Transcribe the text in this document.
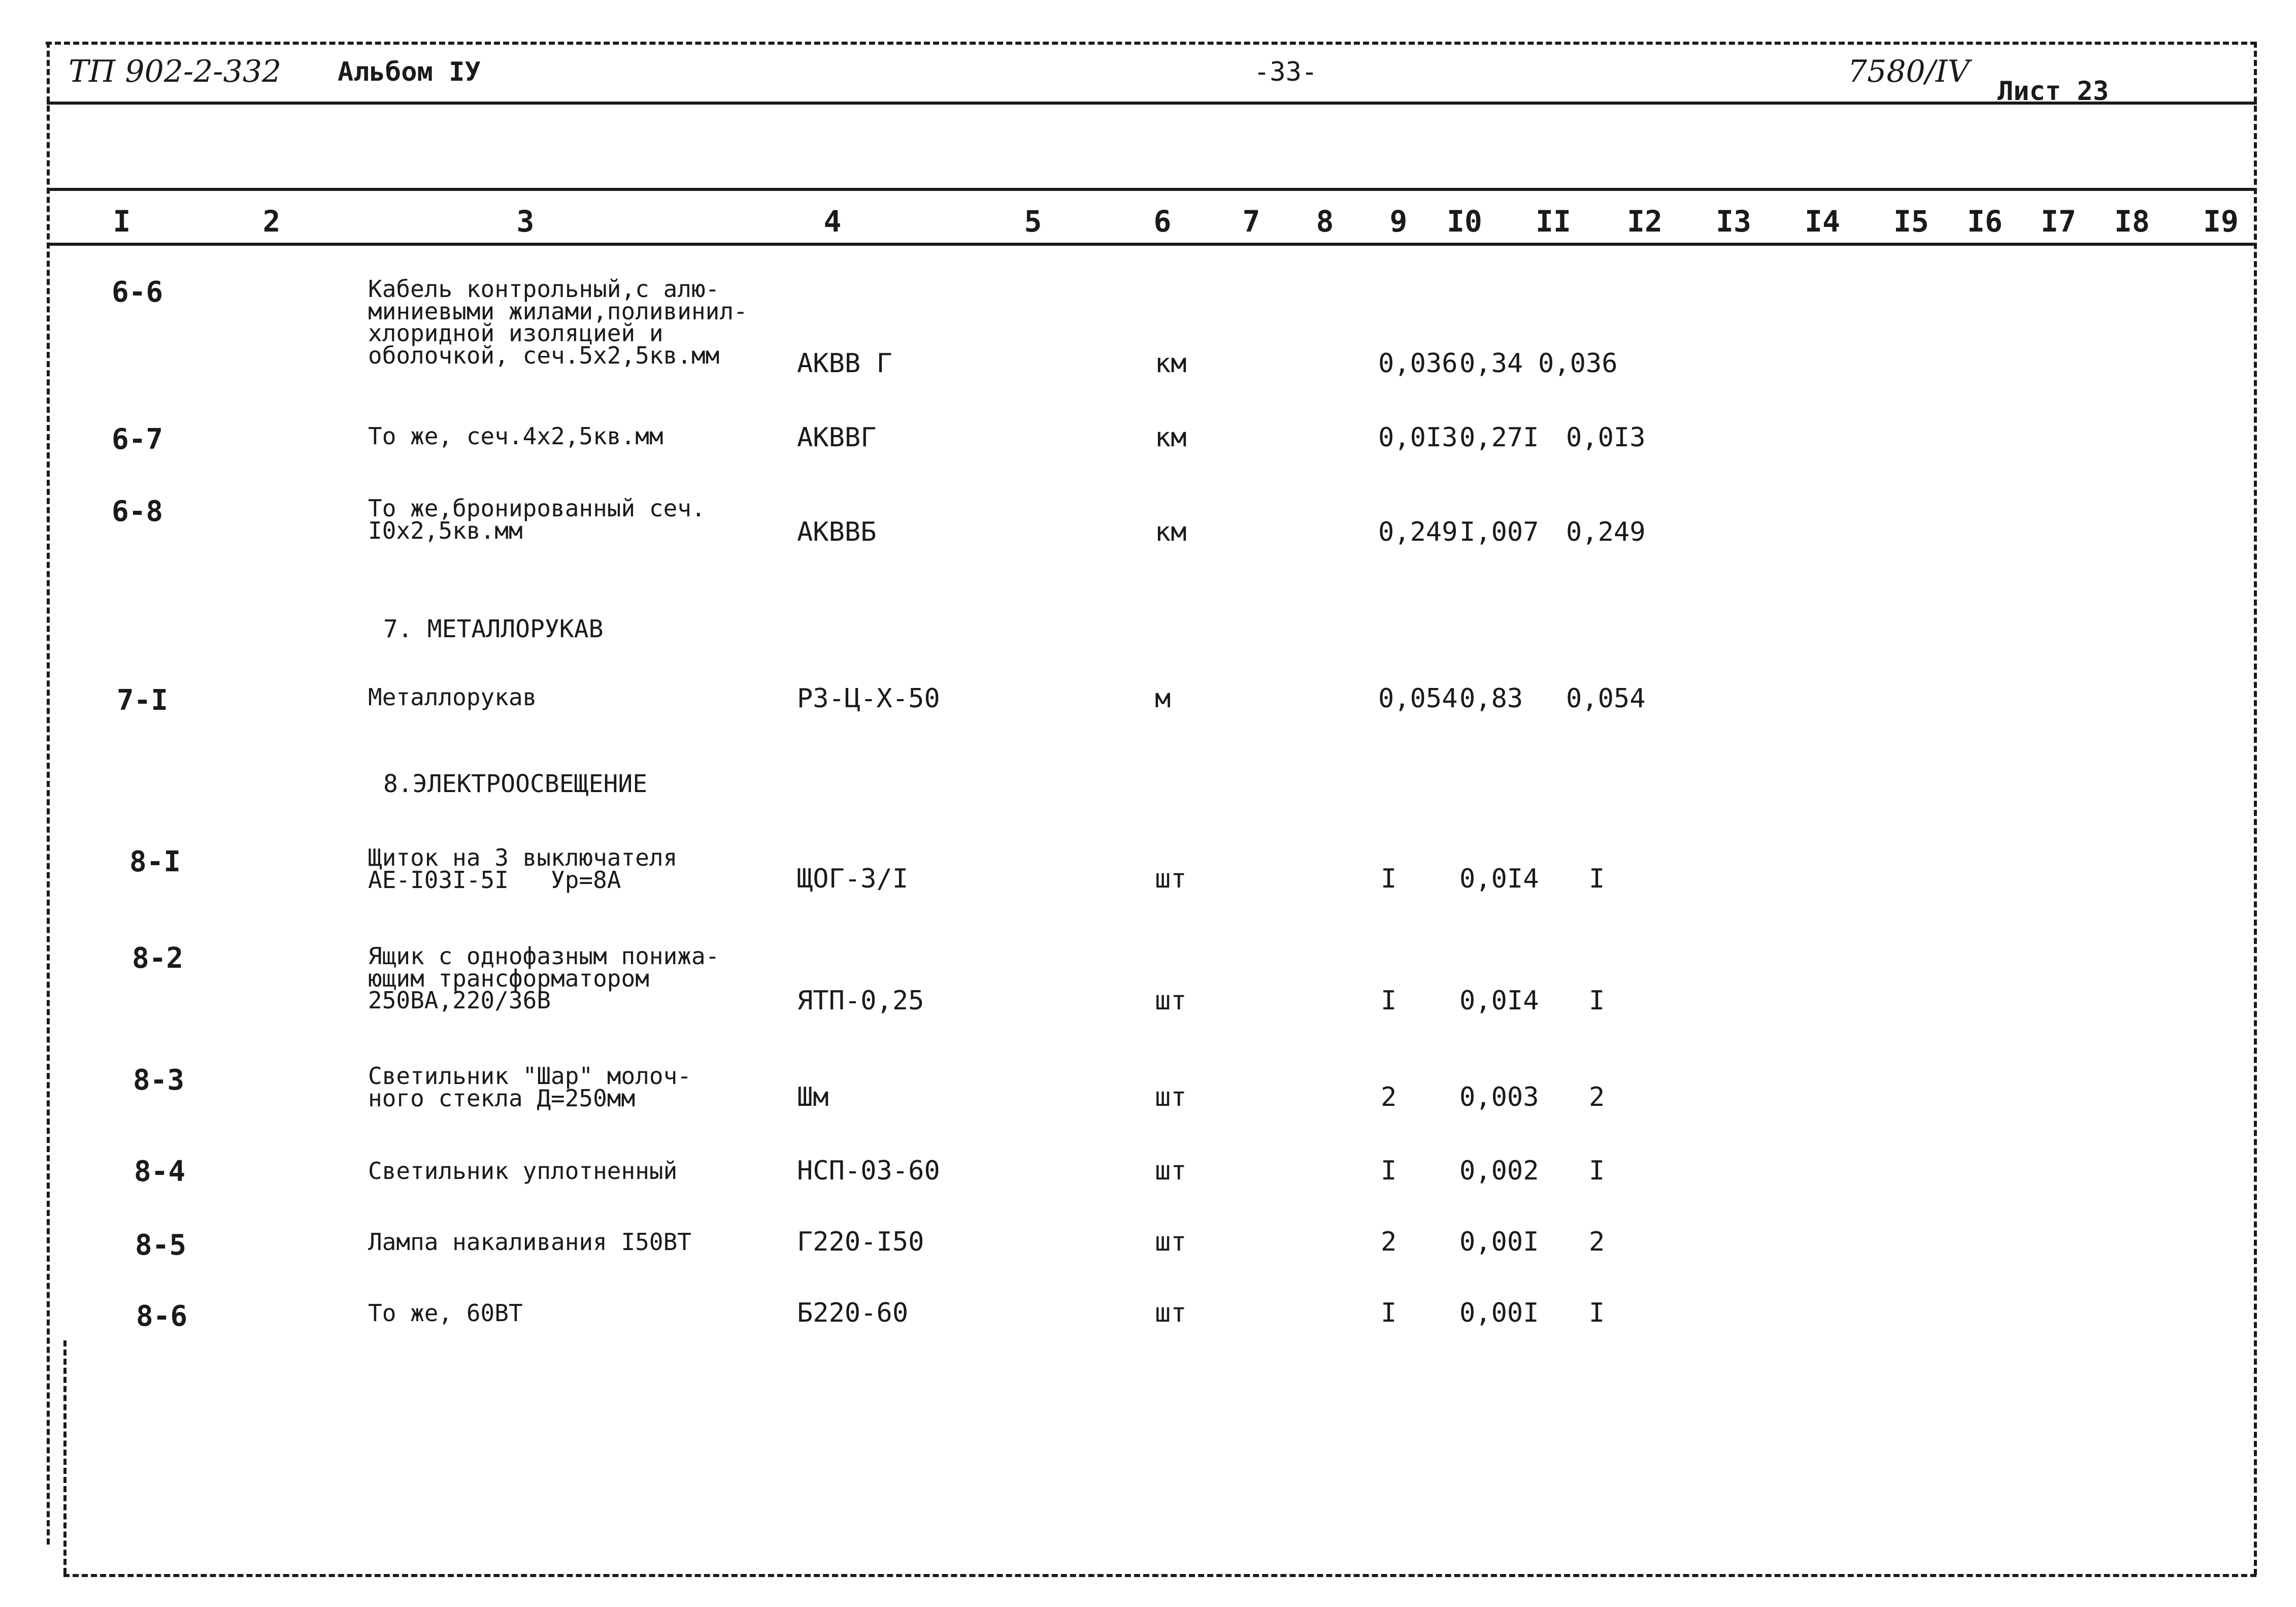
ТП 902-2-332 Альбом IУ	-33-	7580/IV
Лист 23
I	2	3	4	5	6 7 8 9 I0 II I2 I3 I4 I5 I6 I7 I8 I9
6-6	Кабель контрольный,с алю-
миниевыми жилами,поливинил-
хлоридной изоляцией и
оболочкой, сеч.5х2,5кв.мм	АКВВ Г	км	0,036 0,34 0,036
6-7	То же, сеч.4х2,5кв.мм	АКВВГ	км	0,0I3 0,27I 0,0I3
6-8	То же,бронированный сеч.
I0х2,5кв.мм	АКВВБ	км	0,249 I,007 0,249
7. МЕТАЛЛОРУКАВ
7-I	Металлорукав	РЗ-Ц-Х-50	м	0,054 0,83 0,054
8.ЭЛЕКТРООСВЕЩЕНИЕ
8-I	Щиток на 3 выключателя
АЕ-I03I-5I   Ур=8А	ЩОГ-3/I	шт	I 0,0I4 I
8-2	Ящик с однофазным понижа-
ющим трансформатором
250ВА,220/36В	ЯТП-0,25	шт	I 0,0I4 I
8-3	Светильник "Шар" молоч-
ного стекла Д=250мм	Шм	шт	2 0,003 2
8-4	Светильник уплотненный	НСП-03-60	шт	I 0,002 I
8-5	Лампа накаливания I50ВТ	Г220-I50	шт	2 0,00I 2
8-6	То же, 60ВТ	Б220-60	шт	I 0,00I I
